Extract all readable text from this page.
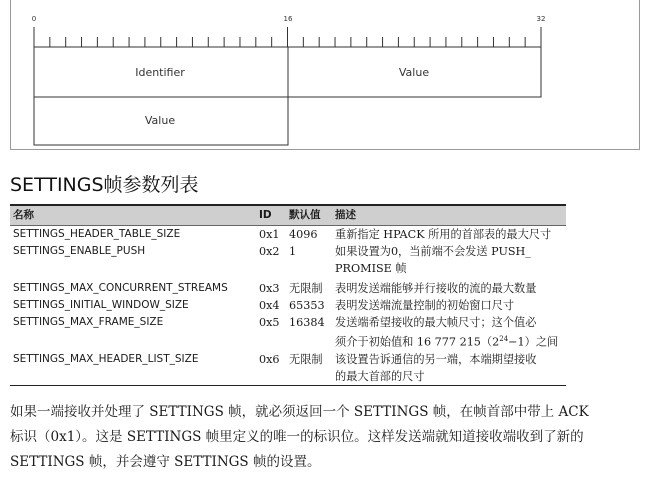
0	16	32
Identifier	Value
Value
SETTINGS帧参数列表
名称	ID	默认值	描述
SETTINGS_HEADER_TABLE_SIZE	0x1	4096	重新指定 HPACK 所用的首部表的最大尺寸
SETTINGS_ENABLE_PUSH	0x2	1	如果设置为0，当前端不会发送 PUSH_
PROMISE 帧
SETTINGS_MAX_CONCURRENT_STREAMS	0x3	无限制	表明发送端能够并行接收的流的最大数量
SETTINGS_INITIAL_WINDOW_SIZE	0x4	65353	表明发送端流量控制的初始窗口尺寸
SETTINGS_MAX_FRAME_SIZE	0x5	16384	发送端希望接收的最大帧尺寸；这个值必
须介于初始值和 16 777 $215(2^{24}-1)$之间
SETTINGS_MAX_HEADER_LIST_SIZE	0x6	无限制	该设置告诉通信的另一端，本端期望接收
的最大首部的尺寸

如果一端接收并处理了 SETTINGS 帧，就必须返回一个 SETTINGS 帧，在帧首部中带上 ACK 标识（0x1）。这是 SETTINGS 帧里定义的唯一的标识位。这样发送端就知道接收端收到了新的 SETTINGS 帧，并会遵守 SETTINGS 帧的设置。
